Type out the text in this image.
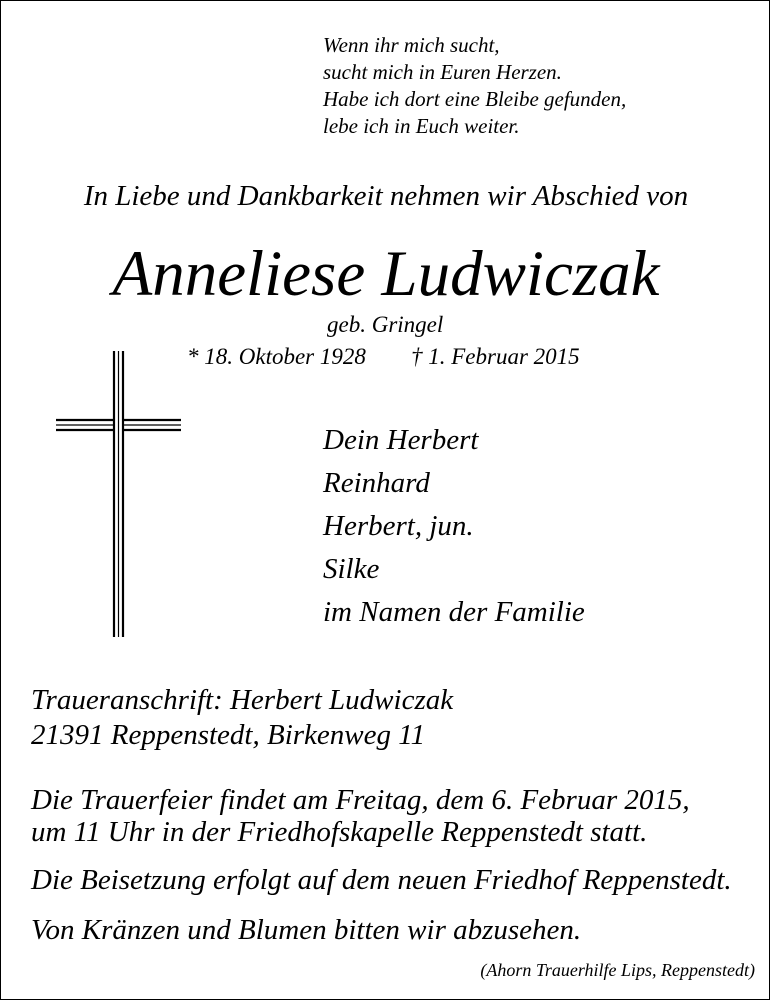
Wenn ihr mich sucht,
sucht mich in Euren Herzen.
Habe ich dort eine Bleibe gefunden,
lebe ich in Euch weiter.
In Liebe und Dankbarkeit nehmen wir Abschied von
Anneliese Ludwiczak
geb. Gringel
* 18. Oktober 1928 † 1. Februar 2015
Dein Herbert
Reinhard
Herbert, jun.
Silke
im Namen der Familie
Traueranschrift: Herbert Ludwiczak
21391 Reppenstedt, Birkenweg 11
Die Trauerfeier findet am Freitag, dem 6. Februar 2015,
um 11 Uhr in der Friedhofskapelle Reppenstedt statt.
Die Beisetzung erfolgt auf dem neuen Friedhof Reppenstedt.
Von Kränzen und Blumen bitten wir abzusehen.
(Ahorn Trauerhilfe Lips, Reppenstedt)
